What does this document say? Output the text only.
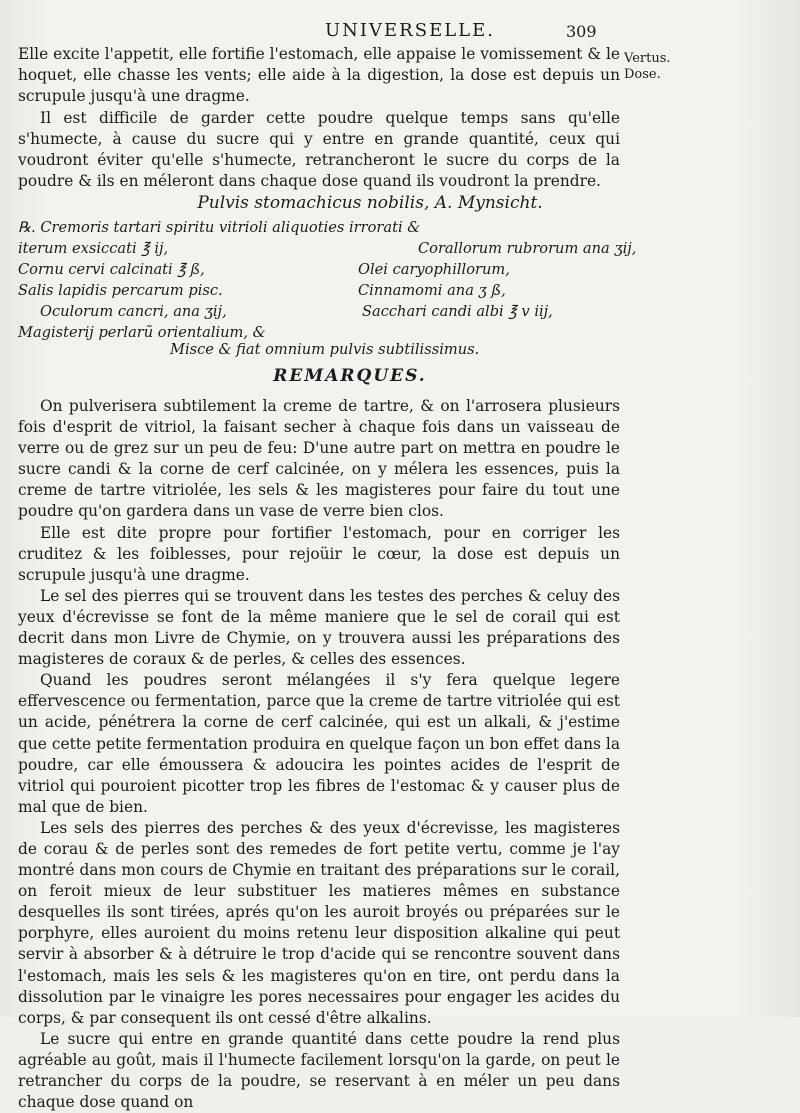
UNIVERSELLE.	309
Vertus.
Dose.

Elle excite l'appetit, elle fortifie l'estomach, elle appaise le vomissement & le hoquet, elle chasse les vents; elle aide à la digestion, la dose est depuis un scrupule jusqu'à une dragme.

Il est difficile de garder cette poudre quelque temps sans qu'elle s'humecte, à cause du sucre qui y entre en grande quantité, ceux qui voudront éviter qu'elle s'humecte, retrancheront le sucre du corps de la poudre & ils en méleront dans chaque dose quand ils voudront la prendre.

Pulvis stomachicus nobilis, A. Mynsicht.
℞. Cremoris tartari spiritu vitrioli aliquoties irrorati &
iterum exsiccati ℥ ij,	Corallorum rubrorum ana ʒij,
Cornu cervi calcinati ℥ ß,	Olei caryophillorum,
Salis lapidis percarum pisc.	Cinnamomi ana ʒ ß,
Oculorum cancri, ana ʒij,	Sacchari candi albi ℥ v iij,
Magisterij perlarũ orientalium, &
Misce & fiat omnium pulvis subtilissimus.
REMARQUES.

On pulverisera subtilement la creme de tartre, & on l'arrosera plusieurs fois d'esprit de vitriol, la faisant secher à chaque fois dans un vaisseau de verre ou de grez sur un peu de feu: D'une autre part on mettra en poudre le sucre candi & la corne de cerf calcinée, on y mélera les essences, puis la creme de tartre vitriolée, les sels & les magisteres pour faire du tout une poudre qu'on gardera dans un vase de verre bien clos.

Elle est dite propre pour fortifier l'estomach, pour en corriger les cruditez & les foiblesses, pour rejoüir le cœur, la dose est depuis un scrupule jusqu'à une dragme.

Le sel des pierres qui se trouvent dans les testes des perches & celuy des yeux d'écrevisse se font de la même maniere que le sel de corail qui est decrit dans mon Livre de Chymie, on y trouvera aussi les préparations des magisteres de coraux & de perles, & celles des essences.

Quand les poudres seront mélangées il s'y fera quelque legere effervescence ou fermentation, parce que la creme de tartre vitriolée qui est un acide, pénétrera la corne de cerf calcinée, qui est un alkali, & j'estime que cette petite fermentation produira en quelque façon un bon effet dans la poudre, car elle émoussera & adoucira les pointes acides de l'esprit de vitriol qui pouroient picotter trop les fibres de l'estomac & y causer plus de mal que de bien.

Les sels des pierres des perches & des yeux d'écrevisse, les magisteres de corau & de perles sont des remedes de fort petite vertu, comme je l'ay montré dans mon cours de Chymie en traitant des préparations sur le corail, on feroit mieux de leur substituer les matieres mêmes en substance desquelles ils sont tirées, aprés qu'on les auroit broyés ou préparées sur le porphyre, elles auroient du moins retenu leur disposition alkaline qui peut servir à absorber & à détruire le trop d'acide qui se rencontre souvent dans l'estomach, mais les sels & les magisteres qu'on en tire, ont perdu dans la dissolution par le vinaigre les pores necessaires pour engager les acides du corps, & par consequent ils ont cessé d'être alkalins.

Le sucre qui entre en grande quantité dans cette poudre la rend plus agréable au goût, mais il l'humecte facilement lorsqu'on la garde, on peut le retrancher du corps de la poudre, se reservant à en méler un peu dans chaque dose quand on
